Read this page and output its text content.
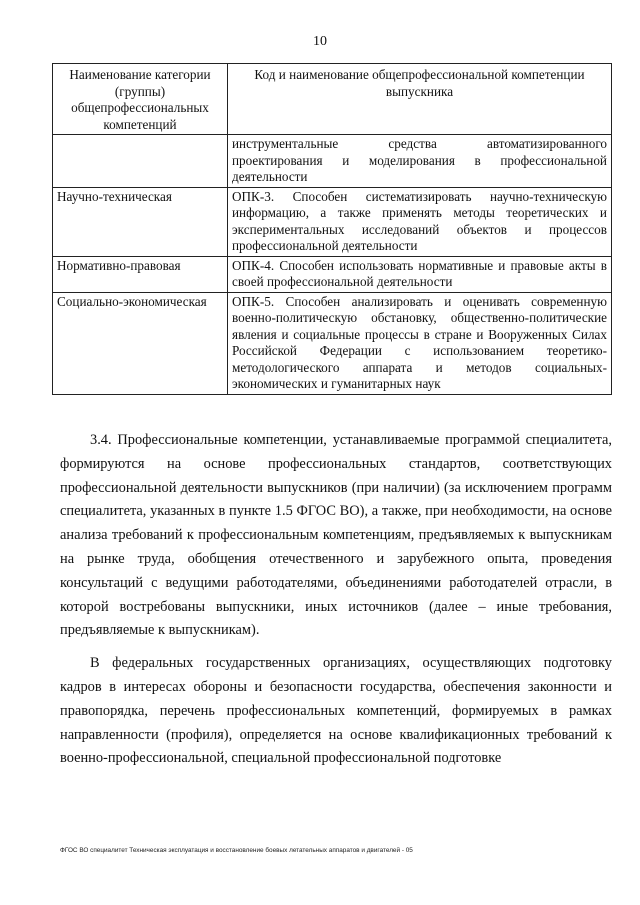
10
Наименование категории (группы) общепрофессиональных компетенций	Код и наименование общепрофессиональной компетенции выпускника
	инструментальные средства автоматизированного проектирования и моделирования в профессиональной деятельности
Научно-техническая	ОПК-3. Способен систематизировать научно-техническую информацию, а также применять методы теоретических и экспериментальных исследований объектов и процессов профессиональной деятельности
Нормативно-правовая	ОПК-4. Способен использовать нормативные и правовые акты в своей профессиональной деятельности
Социально-экономическая	ОПК-5. Способен анализировать и оценивать современную военно-политическую обстановку, общественно-политические явления и социальные процессы в стране и Вооруженных Силах Российской Федерации с использованием теоретико-методологического аппарата и методов социальных-экономических и гуманитарных наук

3.4. Профессиональные компетенции, устанавливаемые программой специалитета, формируются на основе профессиональных стандартов, соответствующих профессиональной деятельности выпускников (при наличии) (за исключением программ специалитета, указанных в пункте 1.5 ФГОС ВО), а также, при необходимости, на основе анализа требований к профессиональным компетенциям, предъявляемых к выпускникам на рынке труда, обобщения отечественного и зарубежного опыта, проведения консультаций с ведущими работодателями, объединениями работодателей отрасли, в которой востребованы выпускники, иных источников (далее – иные требования, предъявляемые к выпускникам).

В федеральных государственных организациях, осуществляющих подготовку кадров в интересах обороны и безопасности государства, обеспечения законности и правопорядка, перечень профессиональных компетенций, формируемых в рамках направленности (профиля), определяется на основе квалификационных требований к военно-профессиональной, специальной профессиональной подготовке

ФГОС ВО специалитет Техническая эксплуатация и восстановление боевых летательных аппаратов и двигателей - 05
